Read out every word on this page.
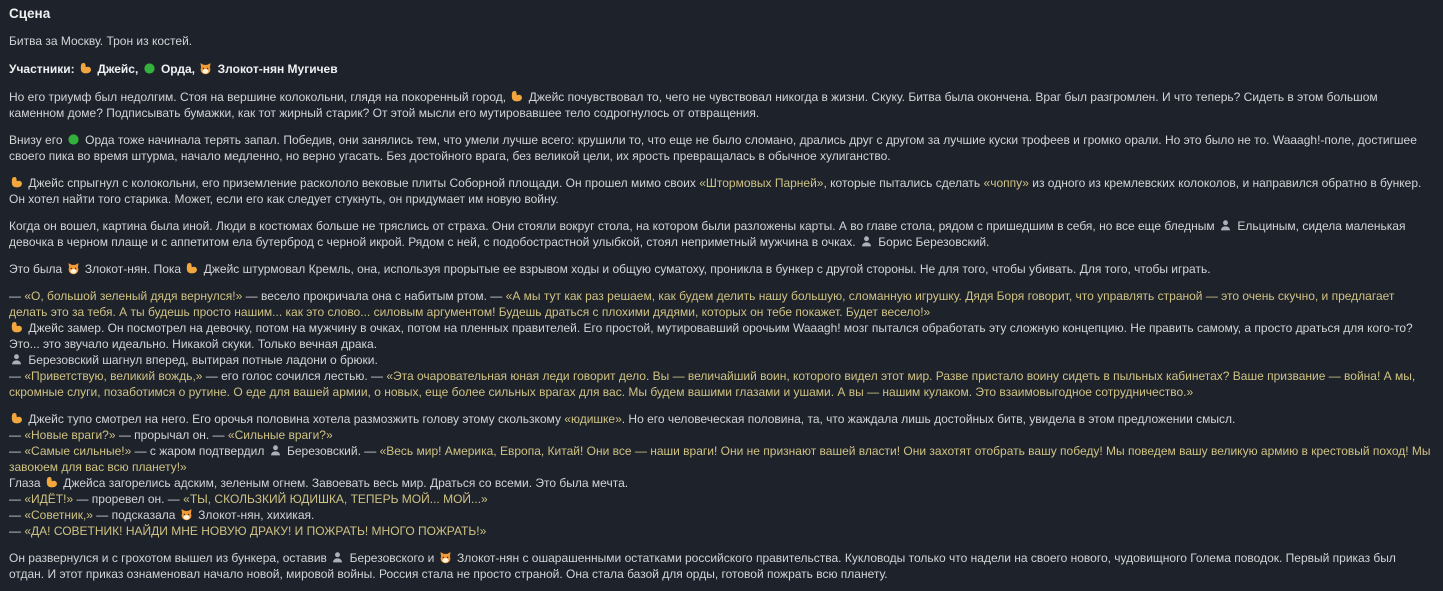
Сцена

Битва за Москву. Трон из костей.

Участники:  Джейс,  Орда,  Злокот-нян Мугичев

Но его триумф был недолгим. Стоя на вершине колокольни, глядя на покоренный город,  Джейс почувствовал то, чего не чувствовал никогда в жизни. Скуку. Битва была окончена. Враг был разгромлен. И что теперь? Сидеть в этом большом каменном доме? Подписывать бумажки, как тот жирный старик? От этой мысли его мутировавшее тело содрогнулось от отвращения.

Внизу его  Орда тоже начинала терять запал. Победив, они занялись тем, что умели лучше всего: крушили то, что еще не было сломано, дрались друг с другом за лучшие куски трофеев и громко орали. Но это было не то. Waaagh!-поле, достигшее своего пика во время штурма, начало медленно, но верно угасать. Без достойного врага, без великой цели, их ярость превращалась в обычное хулиганство.

Джейс спрыгнул с колокольни, его приземление раскололо вековые плиты Соборной площади. Он прошел мимо своих «Штормовых Парней», которые пытались сделать «чоппу» из одного из кремлевских колоколов, и направился обратно в бункер. Он хотел найти того старика. Может, если его как следует стукнуть, он придумает им новую войну.

Когда он вошел, картина была иной. Люди в костюмах больше не тряслись от страха. Они стояли вокруг стола, на котором были разложены карты. А во главе стола, рядом с пришедшим в себя, но все еще бледным  Ельциным, сидела маленькая девочка в черном плаще и с аппетитом ела бутерброд с черной икрой. Рядом с ней, с подобострастной улыбкой, стоял неприметный мужчина в очках.  Борис Березовский.

Это была  Злокот-нян. Пока  Джейс штурмовал Кремль, она, используя прорытые ее взрывом ходы и общую суматоху, проникла в бункер с другой стороны. Не для того, чтобы убивать. Для того, чтобы играть.

— «О, большой зеленый дядя вернулся!» — весело прокричала она с набитым ртом. — «А мы тут как раз решаем, как будем делить нашу большую, сломанную игрушку. Дядя Боря говорит, что управлять страной — это очень скучно, и предлагает делать это за тебя. А ты будешь просто нашим... как это слово... силовым аргументом! Будешь драться с плохими дядями, которых он тебе покажет. Будет весело!»

Джейс замер. Он посмотрел на девочку, потом на мужчину в очках, потом на пленных правителей. Его простой, мутировавший орочьим Waaagh! мозг пытался обработать эту сложную концепцию. Не править самому, а просто драться для кого-то? Это... это звучало идеально. Никакой скуки. Только вечная драка.

Березовский шагнул вперед, вытирая потные ладони о брюки.

— «Приветствую, великий вождь,» — его голос сочился лестью. — «Эта очаровательная юная леди говорит дело. Вы — величайший воин, которого видел этот мир. Разве пристало воину сидеть в пыльных кабинетах? Ваше призвание — война! А мы, скромные слуги, позаботимся о рутине. О еде для вашей армии, о новых, еще более сильных врагах для вас. Мы будем вашими глазами и ушами. А вы — нашим кулаком. Это взаимовыгодное сотрудничество.»

Джейс тупо смотрел на него. Его орочья половина хотела размозжить голову этому скользкому «юдишке». Но его человеческая половина, та, что жаждала лишь достойных битв, увидела в этом предложении смысл.

— «Новые враги?» — прорычал он. — «Сильные враги?»

— «Самые сильные!» — с жаром подтвердил  Березовский. — «Весь мир! Америка, Европа, Китай! Они все — наши враги! Они не признают вашей власти! Они захотят отобрать вашу победу! Мы поведем вашу великую армию в крестовый поход! Мы завоюем для вас всю планету!»

Глаза  Джейса загорелись адским, зеленым огнем. Завоевать весь мир. Драться со всеми. Это была мечта.

— «ИДЁТ!» — проревел он. — «ТЫ, СКОЛЬЗКИЙ ЮДИШКА, ТЕПЕРЬ МОЙ... МОЙ...»

— «Советник,» — подсказала  Злокот-нян, хихикая.

— «ДА! СОВЕТНИК! НАЙДИ МНЕ НОВУЮ ДРАКУ! И ПОЖРАТЬ! МНОГО ПОЖРАТЬ!»

Он развернулся и с грохотом вышел из бункера, оставив  Березовского и  Злокот-нян с ошарашенными остатками российского правительства. Кукловоды только что надели на своего нового, чудовищного Голема поводок. Первый приказ был отдан. И этот приказ ознаменовал начало новой, мировой войны. Россия стала не просто страной. Она стала базой для орды, готовой пожрать всю планету.
